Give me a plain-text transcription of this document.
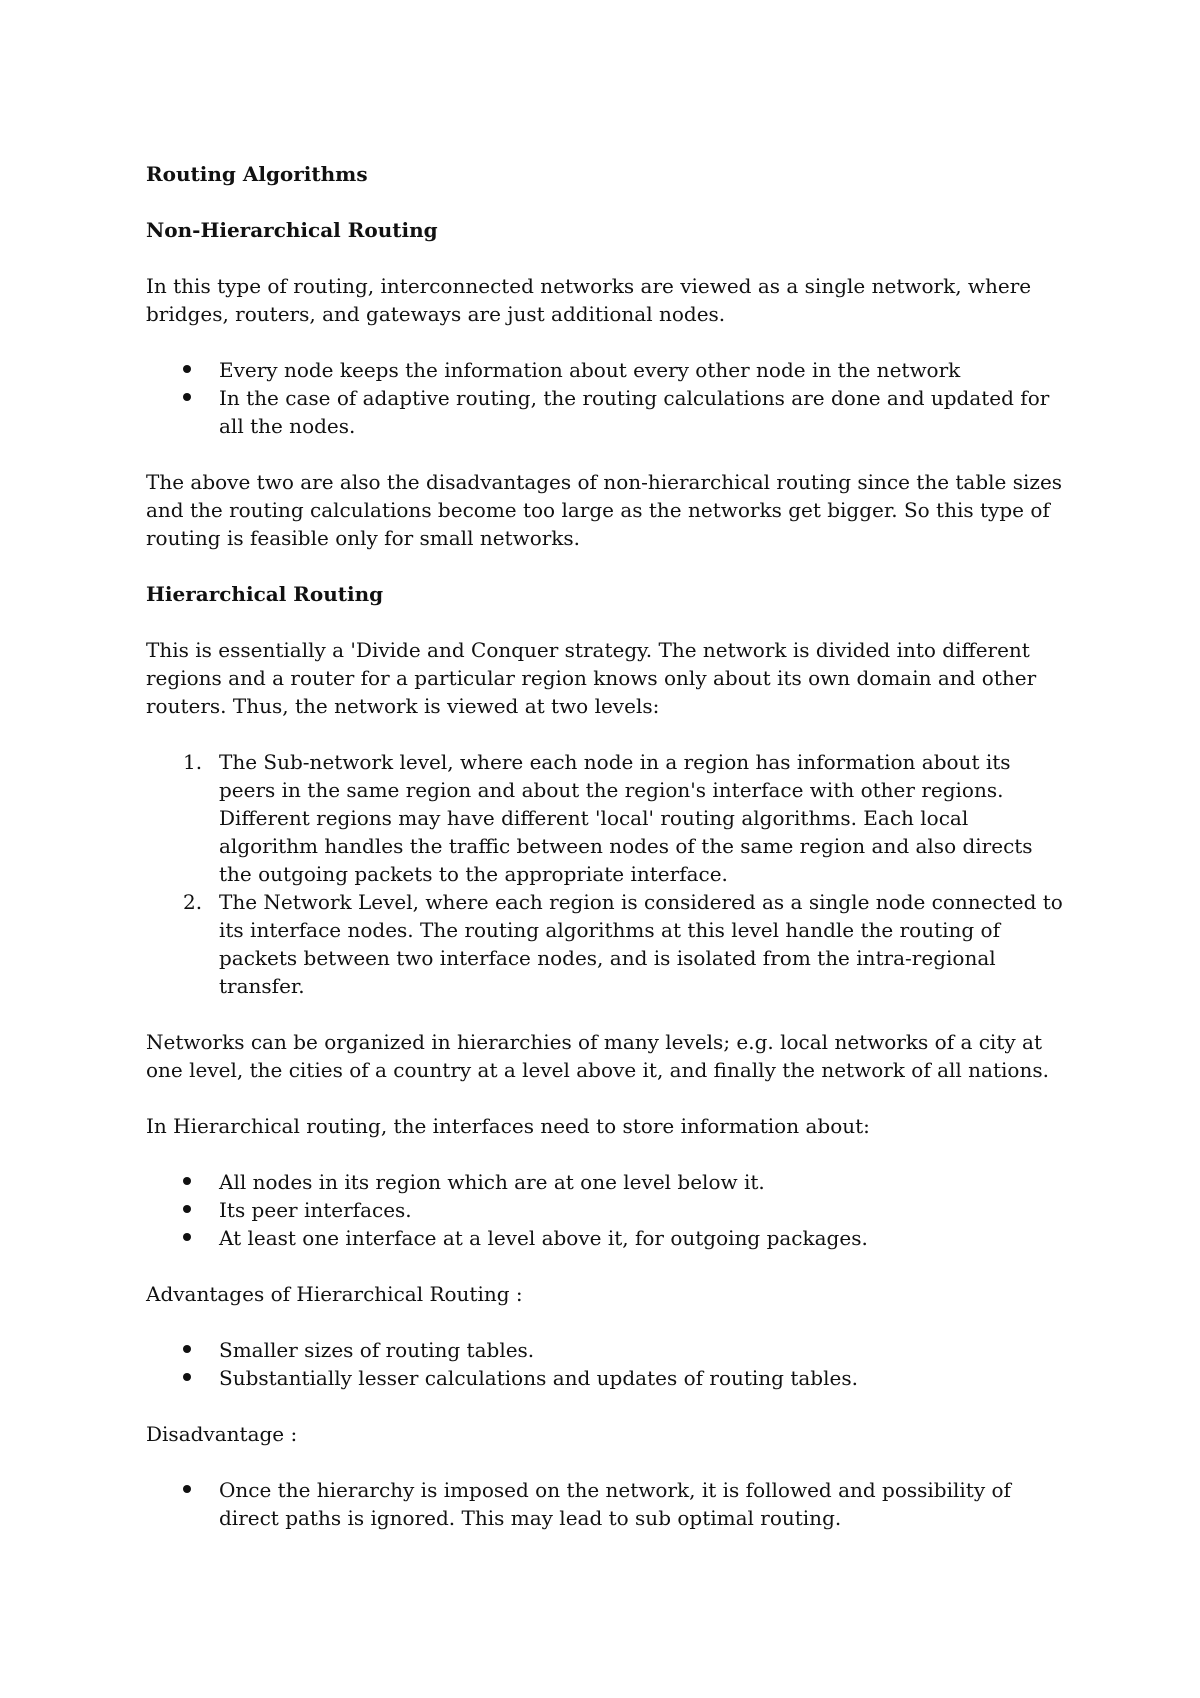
Routing Algorithms
Non-Hierarchical Routing

In this type of routing, interconnected networks are viewed as a single network, where bridges, routers, and gateways are just additional nodes.

Every node keeps the information about every other node in the network
In the case of adaptive routing, the routing calculations are done and updated for all the nodes.

The above two are also the disadvantages of non-hierarchical routing since the table sizes and the routing calculations become too large as the networks get bigger. So this type of routing is feasible only for small networks.

Hierarchical Routing

This is essentially a 'Divide and Conquer strategy. The network is divided into different regions and a router for a particular region knows only about its own domain and other routers. Thus, the network is viewed at two levels:

1. The Sub-network level, where each node in a region has information about its peers in the same region and about the region's interface with other regions. Different regions may have different 'local' routing algorithms. Each local algorithm handles the traffic between nodes of the same region and also directs the outgoing packets to the appropriate interface.
2. The Network Level, where each region is considered as a single node connected to its interface nodes. The routing algorithms at this level handle the routing of packets between two interface nodes, and is isolated from the intra-regional transfer.

Networks can be organized in hierarchies of many levels; e.g. local networks of a city at one level, the cities of a country at a level above it, and finally the network of all nations.

In Hierarchical routing, the interfaces need to store information about:

All nodes in its region which are at one level below it.
Its peer interfaces.
At least one interface at a level above it, for outgoing packages.

Advantages of Hierarchical Routing :

Smaller sizes of routing tables.
Substantially lesser calculations and updates of routing tables.

Disadvantage :

Once the hierarchy is imposed on the network, it is followed and possibility of direct paths is ignored. This may lead to sub optimal routing.
